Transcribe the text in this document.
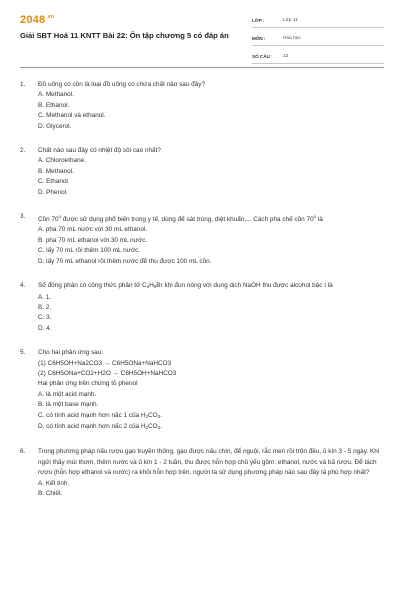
$2048^{.vn}$
Giải SBT Hoá 11 KNTT Bài 22: Ôn tập chương 5 có đáp án
LỚP :	Lớp 11
MÔN :	Hóa học
SỐ CÂU :	12
1.	Đồ uống có cồn là loại đồ uống có chứa chất nào sau đây?

A. Methanol.

B. Ethanol.

C. Methanol và ethanol.

D. Glycerol.

2.	Chất nào sau đây có nhiệt độ sôi cao nhất?

A. Chloroethane.

B. Methanol.

C. Ethanol.

D. Phenol.

3.	Cồn 70$^o$ được sử dụng phổ biến trong y tế, dùng để sát trùng, diệt khuẩn,... Cách pha chế cồn 70$^o$ là

A. pha 70 mL nước với 30 mL ethanol.

B. pha 70 mL ethanol với 30 mL nước.

C. lấy 70 mL rồi thêm 100 mL nước.

D. lấy 70 mL ethanol rồi thêm nước để thu được 100 mL cồn.

4.	Số đồng phân có công thức phân tử $C_4H_9Br$ khi đun nóng với dung dịch NaOH thu được alcohol bậc I là

A. 1.

B. 2.

C. 3.

D. 4.

5.	Cho hai phản ứng sau:

(1) C6H5OH+Na2CO3 → C6H5ONa+NaHCO3

(2) C6H5ONa+CO2+H2O → C6H5OH+NaHCO3

Hai phản ứng trên chứng tỏ phenol

A. là một acid mạnh.

B. là một base mạnh.

C. có tính acid mạnh hơn nấc 1 của $H_2CO_3$.

D. có tính acid mạnh hơn nấc 2 của $H_2CO_3$.

6.	Trong phương pháp nấu rượu gạo truyền thống, gạo được nấu chín, để nguội, rắc men rồi trộn đều, ủ kín 3 - 5 ngày. Khi ngửi thấy mùi thơm, thêm nước và ủ kín 1 - 2 tuần, thu được hỗn hợp chủ yếu gồm: ethanol, nước và bã rượu. Để tách rượu (hỗn hợp ethanol và nước) ra khỏi hỗn hợp trên, người ta sử dụng phương pháp nào sau đây là phù hợp nhất?

A. Kết tinh.

B. Chiết.
